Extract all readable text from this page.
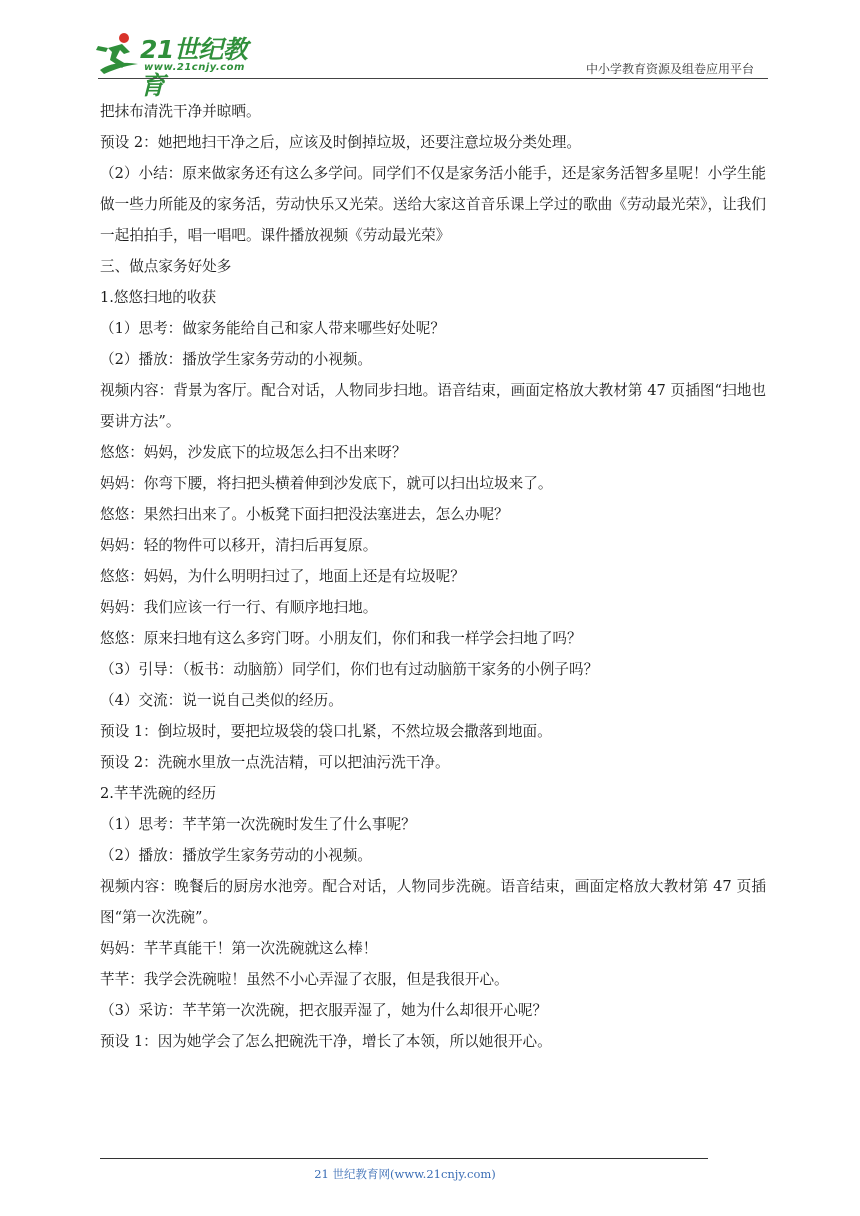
21世纪教育
www.21cnjy.com	中小学教育资源及组卷应用平台

把抹布清洗干净并晾晒。

预设 2：她把地扫干净之后，应该及时倒掉垃圾，还要注意垃圾分类处理。

（2）小结：原来做家务还有这么多学问。同学们不仅是家务活小能手，还是家务活智多星呢！小学生能做一些力所能及的家务活，劳动快乐又光荣。送给大家这首音乐课上学过的歌曲《劳动最光荣》，让我们一起拍拍手，唱一唱吧。课件播放视频《劳动最光荣》

三、做点家务好处多

1.悠悠扫地的收获

（1）思考：做家务能给自己和家人带来哪些好处呢？

（2）播放：播放学生家务劳动的小视频。

视频内容：背景为客厅。配合对话，人物同步扫地。语音结束，画面定格放大教材第 47 页插图“扫地也要讲方法”。

悠悠：妈妈，沙发底下的垃圾怎么扫不出来呀？

妈妈：你弯下腰，将扫把头横着伸到沙发底下，就可以扫出垃圾来了。

悠悠：果然扫出来了。小板凳下面扫把没法塞进去，怎么办呢？

妈妈：轻的物件可以移开，清扫后再复原。

悠悠：妈妈，为什么明明扫过了，地面上还是有垃圾呢？

妈妈：我们应该一行一行、有顺序地扫地。

悠悠：原来扫地有这么多窍门呀。小朋友们，你们和我一样学会扫地了吗？

（3）引导：（板书：动脑筋）同学们，你们也有过动脑筋干家务的小例子吗？

（4）交流：说一说自己类似的经历。

预设 1：倒垃圾时，要把垃圾袋的袋口扎紧，不然垃圾会撒落到地面。

预设 2：洗碗水里放一点洗洁精，可以把油污洗干净。

2.芊芊洗碗的经历

（1）思考：芊芊第一次洗碗时发生了什么事呢？

（2）播放：播放学生家务劳动的小视频。

视频内容：晚餐后的厨房水池旁。配合对话，人物同步洗碗。语音结束，画面定格放大教材第 47 页插图“第一次洗碗”。

妈妈：芊芊真能干！第一次洗碗就这么棒！

芊芊：我学会洗碗啦！虽然不小心弄湿了衣服，但是我很开心。

（3）采访：芊芊第一次洗碗，把衣服弄湿了，她为什么却很开心呢？

预设 1：因为她学会了怎么把碗洗干净，增长了本领，所以她很开心。

21 世纪教育网(www.21cnjy.com)
